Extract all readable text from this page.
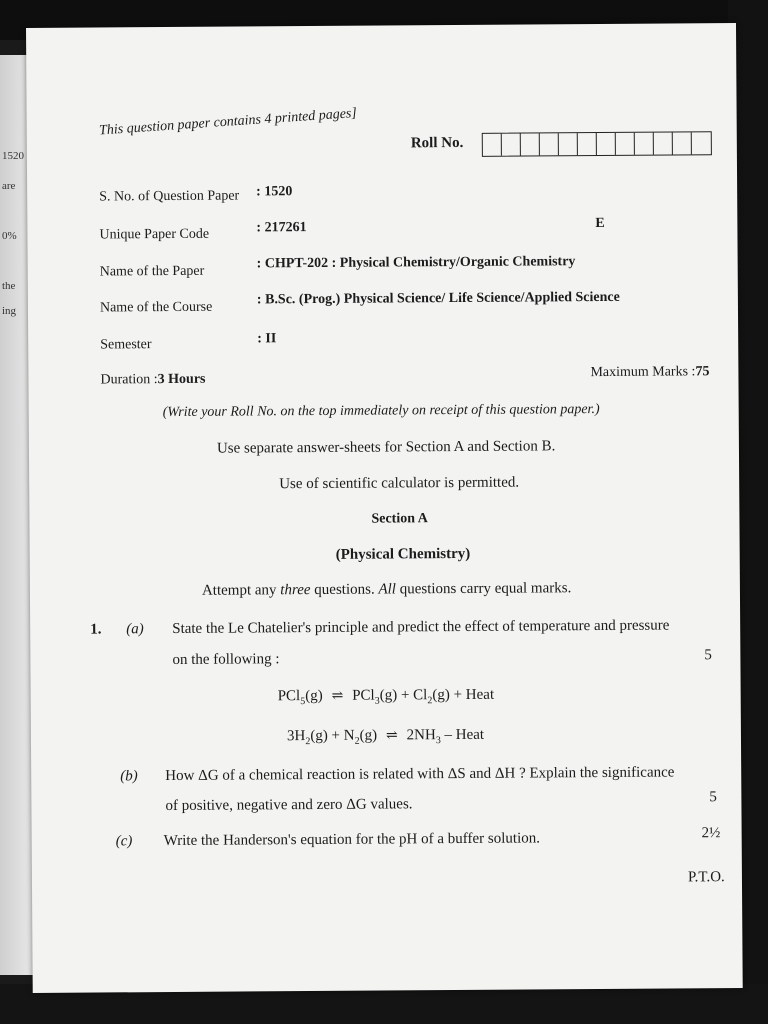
1520
are
0%
the
ing
This question paper contains 4 printed pages]
Roll No.
S. No. of Question Paper : 1520
Unique Paper Code	: 217261	E
Name of the Paper	: CHPT-202 : Physical Chemistry/Organic Chemistry
Name of the Course	: B.Sc. (Prog.) Physical Science/ Life Science/Applied Science
Semester	: II
Duration :3 Hours	Maximum Marks :75
(Write your Roll No. on the top immediately on receipt of this question paper.)
Use separate answer-sheets for Section A and Section B.
Use of scientific calculator is permitted.
Section A
(Physical Chemistry)
Attempt any three questions. All questions carry equal marks.
1. (a) State the Le Chatelier's principle and predict the effect of temperature and pressure
on the following :	5
PCl$_5$(g) ⇌ $PCl_3(g) + Cl_2(g)$ + Heat
$3H_2(g) + N_2(g)$ ⇌ $2NH_3$ – Heat
(b) How ΔG of a chemical reaction is related with ΔS and ΔH ? Explain the significance
of positive, negative and zero ΔG values.	5
(c) Write the Handerson's equation for the pH of a buffer solution.	2½
P.T.O.
